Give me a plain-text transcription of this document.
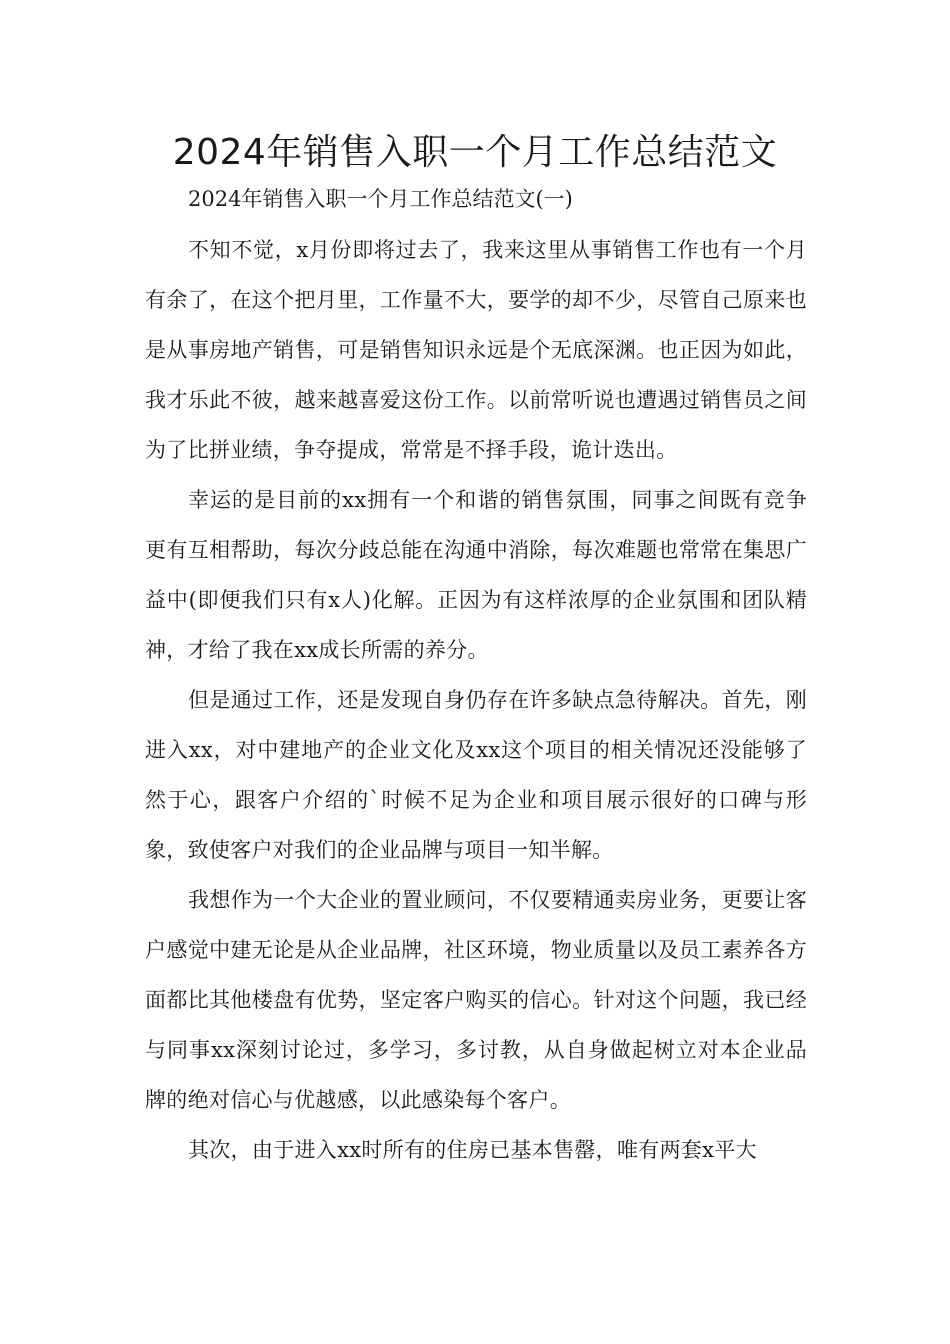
2024年销售入职一个月工作总结范文

2024年销售入职一个月工作总结范文(一)

不知不觉，x月份即将过去了，我来这里从事销售工作也有一个月有余了，在这个把月里，工作量不大，要学的却不少，尽管自己原来也是从事房地产销售，可是销售知识永远是个无底深渊。也正因为如此，我才乐此不彼，越来越喜爱这份工作。以前常听说也遭遇过销售员之间为了比拼业绩，争夺提成，常常是不择手段，诡计迭出。

幸运的是目前的xx拥有一个和谐的销售氛围，同事之间既有竞争更有互相帮助，每次分歧总能在沟通中消除，每次难题也常常在集思广益中(即便我们只有x人)化解。正因为有这样浓厚的企业氛围和团队精神，才给了我在xx成长所需的养分。

但是通过工作，还是发现自身仍存在许多缺点急待解决。首先，刚进入xx，对中建地产的企业文化及xx这个项目的相关情况还没能够了然于心，跟客户介绍的`时候不足为企业和项目展示很好的口碑与形象，致使客户对我们的企业品牌与项目一知半解。

我想作为一个大企业的置业顾问，不仅要精通卖房业务，更要让客户感觉中建无论是从企业品牌，社区环境，物业质量以及员工素养各方面都比其他楼盘有优势，坚定客户购买的信心。针对这个问题，我已经与同事xx深刻讨论过，多学习，多讨教，从自身做起树立对本企业品牌的绝对信心与优越感，以此感染每个客户。

其次，由于进入xx时所有的住房已基本售罄，唯有两套x平大
